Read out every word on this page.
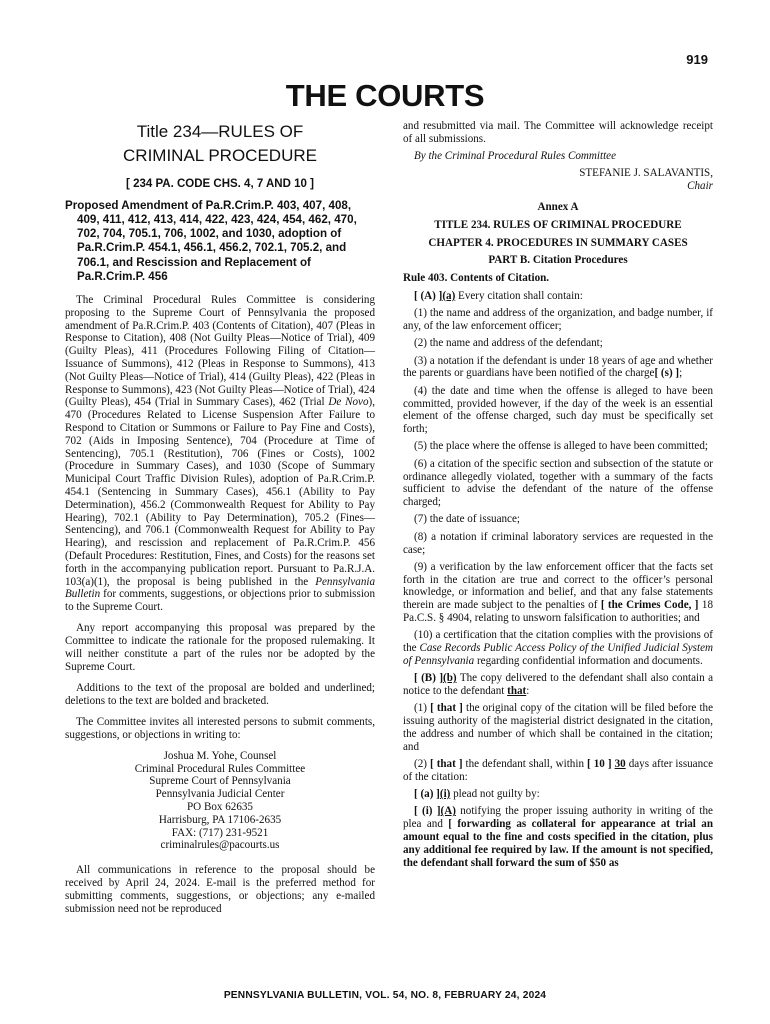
919
THE COURTS
Title 234—RULES OF
CRIMINAL PROCEDURE
[ 234 PA. CODE CHS. 4, 7 AND 10 ]
Proposed Amendment of Pa.R.Crim.P. 403, 407, 408, 409, 411, 412, 413, 414, 422, 423, 424, 454, 462, 470, 702, 704, 705.1, 706, 1002, and 1030, adoption of Pa.R.Crim.P. 454.1, 456.1, 456.2, 702.1, 705.2, and 706.1, and Rescission and Replacement of Pa.R.Crim.P. 456
The Criminal Procedural Rules Committee is considering proposing to the Supreme Court of Pennsylvania the proposed amendment of Pa.R.Crim.P. 403 (Contents of Citation), 407 (Pleas in Response to Citation), 408 (Not Guilty Pleas—Notice of Trial), 409 (Guilty Pleas), 411 (Procedures Following Filing of Citation—Issuance of Summons), 412 (Pleas in Response to Summons), 413 (Not Guilty Pleas—Notice of Trial), 414 (Guilty Pleas), 422 (Pleas in Response to Summons), 423 (Not Guilty Pleas—Notice of Trial), 424 (Guilty Pleas), 454 (Trial in Summary Cases), 462 (Trial De Novo), 470 (Procedures Related to License Suspension After Failure to Respond to Citation or Summons or Failure to Pay Fine and Costs), 702 (Aids in Imposing Sentence), 704 (Procedure at Time of Sentencing), 705.1 (Restitution), 706 (Fines or Costs), 1002 (Procedure in Summary Cases), and 1030 (Scope of Summary Municipal Court Traffic Division Rules), adoption of Pa.R.Crim.P. 454.1 (Sentencing in Summary Cases), 456.1 (Ability to Pay Determination), 456.2 (Commonwealth Request for Ability to Pay Hearing), 702.1 (Ability to Pay Determination), 705.2 (Fines—Sentencing), and 706.1 (Commonwealth Request for Ability to Pay Hearing), and rescission and replacement of Pa.R.Crim.P. 456 (Default Procedures: Restitution, Fines, and Costs) for the reasons set forth in the accompanying publication report. Pursuant to Pa.R.J.A. 103(a)(1), the proposal is being published in the Pennsylvania Bulletin for comments, suggestions, or objections prior to submission to the Supreme Court.
Any report accompanying this proposal was prepared by the Committee to indicate the rationale for the proposed rulemaking. It will neither constitute a part of the rules nor be adopted by the Supreme Court.
Additions to the text of the proposal are bolded and underlined; deletions to the text are bolded and bracketed.
The Committee invites all interested persons to submit comments, suggestions, or objections in writing to:
Joshua M. Yohe, Counsel
Criminal Procedural Rules Committee
Supreme Court of Pennsylvania
Pennsylvania Judicial Center
PO Box 62635
Harrisburg, PA 17106-2635
FAX: (717) 231-9521
criminalrules@pacourts.us
All communications in reference to the proposal should be received by April 24, 2024. E-mail is the preferred method for submitting comments, suggestions, or objections; any e-mailed submission need not be reproduced
and resubmitted via mail. The Committee will acknowledge receipt of all submissions.
By the Criminal Procedural Rules Committee
STEFANIE J. SALAVANTIS,
Chair
Annex A
TITLE 234. RULES OF CRIMINAL PROCEDURE
CHAPTER 4. PROCEDURES IN SUMMARY CASES
PART B. Citation Procedures
Rule 403. Contents of Citation.
[ (A) ](a) Every citation shall contain:
(1) the name and address of the organization, and badge number, if any, of the law enforcement officer;
(2) the name and address of the defendant;
(3) a notation if the defendant is under 18 years of age and whether the parents or guardians have been notified of the charge[ (s) ];
(4) the date and time when the offense is alleged to have been committed, provided however, if the day of the week is an essential element of the offense charged, such day must be specifically set forth;
(5) the place where the offense is alleged to have been committed;
(6) a citation of the specific section and subsection of the statute or ordinance allegedly violated, together with a summary of the facts sufficient to advise the defendant of the nature of the offense charged;
(7) the date of issuance;
(8) a notation if criminal laboratory services are requested in the case;
(9) a verification by the law enforcement officer that the facts set forth in the citation are true and correct to the officer’s personal knowledge, or information and belief, and that any false statements therein are made subject to the penalties of [ the Crimes Code, ] 18 Pa.C.S. § 4904, relating to unsworn falsification to authorities; and
(10) a certification that the citation complies with the provisions of the Case Records Public Access Policy of the Unified Judicial System of Pennsylvania regarding confidential information and documents.
[ (B) ](b) The copy delivered to the defendant shall also contain a notice to the defendant that:
(1) [ that ] the original copy of the citation will be filed before the issuing authority of the magisterial district designated in the citation, the address and number of which shall be contained in the citation; and
(2) [ that ] the defendant shall, within [ 10 ] 30 days after issuance of the citation:
[ (a) ](i) plead not guilty by:
[ (i) ](A) notifying the proper issuing authority in writing of the plea and [ forwarding as collateral for appearance at trial an amount equal to the fine and costs specified in the citation, plus any additional fee required by law. If the amount is not specified, the defendant shall forward the sum of $50 as
PENNSYLVANIA BULLETIN, VOL. 54, NO. 8, FEBRUARY 24, 2024
